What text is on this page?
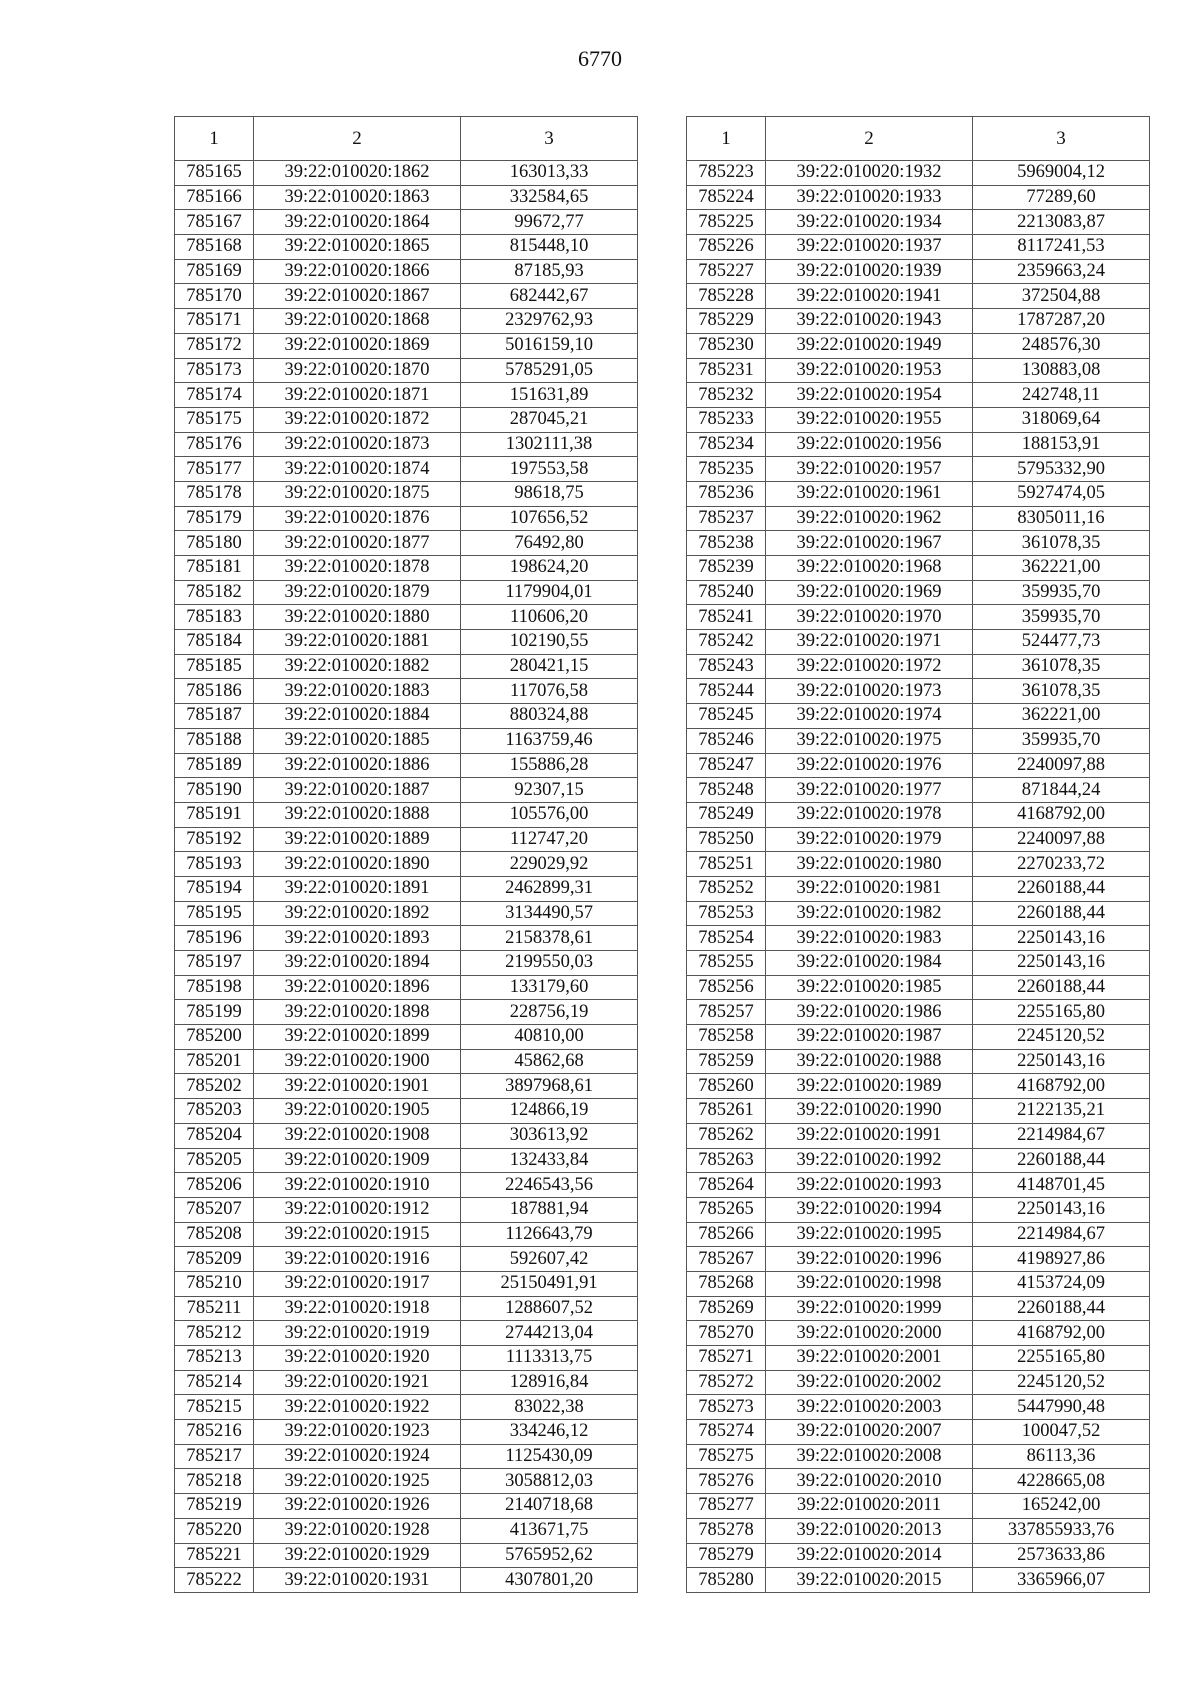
6770
1	2	3
785165	39:22:010020:1862	163013,33
785166	39:22:010020:1863	332584,65
785167	39:22:010020:1864	99672,77
785168	39:22:010020:1865	815448,10
785169	39:22:010020:1866	87185,93
785170	39:22:010020:1867	682442,67
785171	39:22:010020:1868	2329762,93
785172	39:22:010020:1869	5016159,10
785173	39:22:010020:1870	5785291,05
785174	39:22:010020:1871	151631,89
785175	39:22:010020:1872	287045,21
785176	39:22:010020:1873	1302111,38
785177	39:22:010020:1874	197553,58
785178	39:22:010020:1875	98618,75
785179	39:22:010020:1876	107656,52
785180	39:22:010020:1877	76492,80
785181	39:22:010020:1878	198624,20
785182	39:22:010020:1879	1179904,01
785183	39:22:010020:1880	110606,20
785184	39:22:010020:1881	102190,55
785185	39:22:010020:1882	280421,15
785186	39:22:010020:1883	117076,58
785187	39:22:010020:1884	880324,88
785188	39:22:010020:1885	1163759,46
785189	39:22:010020:1886	155886,28
785190	39:22:010020:1887	92307,15
785191	39:22:010020:1888	105576,00
785192	39:22:010020:1889	112747,20
785193	39:22:010020:1890	229029,92
785194	39:22:010020:1891	2462899,31
785195	39:22:010020:1892	3134490,57
785196	39:22:010020:1893	2158378,61
785197	39:22:010020:1894	2199550,03
785198	39:22:010020:1896	133179,60
785199	39:22:010020:1898	228756,19
785200	39:22:010020:1899	40810,00
785201	39:22:010020:1900	45862,68
785202	39:22:010020:1901	3897968,61
785203	39:22:010020:1905	124866,19
785204	39:22:010020:1908	303613,92
785205	39:22:010020:1909	132433,84
785206	39:22:010020:1910	2246543,56
785207	39:22:010020:1912	187881,94
785208	39:22:010020:1915	1126643,79
785209	39:22:010020:1916	592607,42
785210	39:22:010020:1917	25150491,91
785211	39:22:010020:1918	1288607,52
785212	39:22:010020:1919	2744213,04
785213	39:22:010020:1920	1113313,75
785214	39:22:010020:1921	128916,84
785215	39:22:010020:1922	83022,38
785216	39:22:010020:1923	334246,12
785217	39:22:010020:1924	1125430,09
785218	39:22:010020:1925	3058812,03
785219	39:22:010020:1926	2140718,68
785220	39:22:010020:1928	413671,75
785221	39:22:010020:1929	5765952,62
785222	39:22:010020:1931	4307801,20
1	2	3
785223	39:22:010020:1932	5969004,12
785224	39:22:010020:1933	77289,60
785225	39:22:010020:1934	2213083,87
785226	39:22:010020:1937	8117241,53
785227	39:22:010020:1939	2359663,24
785228	39:22:010020:1941	372504,88
785229	39:22:010020:1943	1787287,20
785230	39:22:010020:1949	248576,30
785231	39:22:010020:1953	130883,08
785232	39:22:010020:1954	242748,11
785233	39:22:010020:1955	318069,64
785234	39:22:010020:1956	188153,91
785235	39:22:010020:1957	5795332,90
785236	39:22:010020:1961	5927474,05
785237	39:22:010020:1962	8305011,16
785238	39:22:010020:1967	361078,35
785239	39:22:010020:1968	362221,00
785240	39:22:010020:1969	359935,70
785241	39:22:010020:1970	359935,70
785242	39:22:010020:1971	524477,73
785243	39:22:010020:1972	361078,35
785244	39:22:010020:1973	361078,35
785245	39:22:010020:1974	362221,00
785246	39:22:010020:1975	359935,70
785247	39:22:010020:1976	2240097,88
785248	39:22:010020:1977	871844,24
785249	39:22:010020:1978	4168792,00
785250	39:22:010020:1979	2240097,88
785251	39:22:010020:1980	2270233,72
785252	39:22:010020:1981	2260188,44
785253	39:22:010020:1982	2260188,44
785254	39:22:010020:1983	2250143,16
785255	39:22:010020:1984	2250143,16
785256	39:22:010020:1985	2260188,44
785257	39:22:010020:1986	2255165,80
785258	39:22:010020:1987	2245120,52
785259	39:22:010020:1988	2250143,16
785260	39:22:010020:1989	4168792,00
785261	39:22:010020:1990	2122135,21
785262	39:22:010020:1991	2214984,67
785263	39:22:010020:1992	2260188,44
785264	39:22:010020:1993	4148701,45
785265	39:22:010020:1994	2250143,16
785266	39:22:010020:1995	2214984,67
785267	39:22:010020:1996	4198927,86
785268	39:22:010020:1998	4153724,09
785269	39:22:010020:1999	2260188,44
785270	39:22:010020:2000	4168792,00
785271	39:22:010020:2001	2255165,80
785272	39:22:010020:2002	2245120,52
785273	39:22:010020:2003	5447990,48
785274	39:22:010020:2007	100047,52
785275	39:22:010020:2008	86113,36
785276	39:22:010020:2010	4228665,08
785277	39:22:010020:2011	165242,00
785278	39:22:010020:2013	337855933,76
785279	39:22:010020:2014	2573633,86
785280	39:22:010020:2015	3365966,07
